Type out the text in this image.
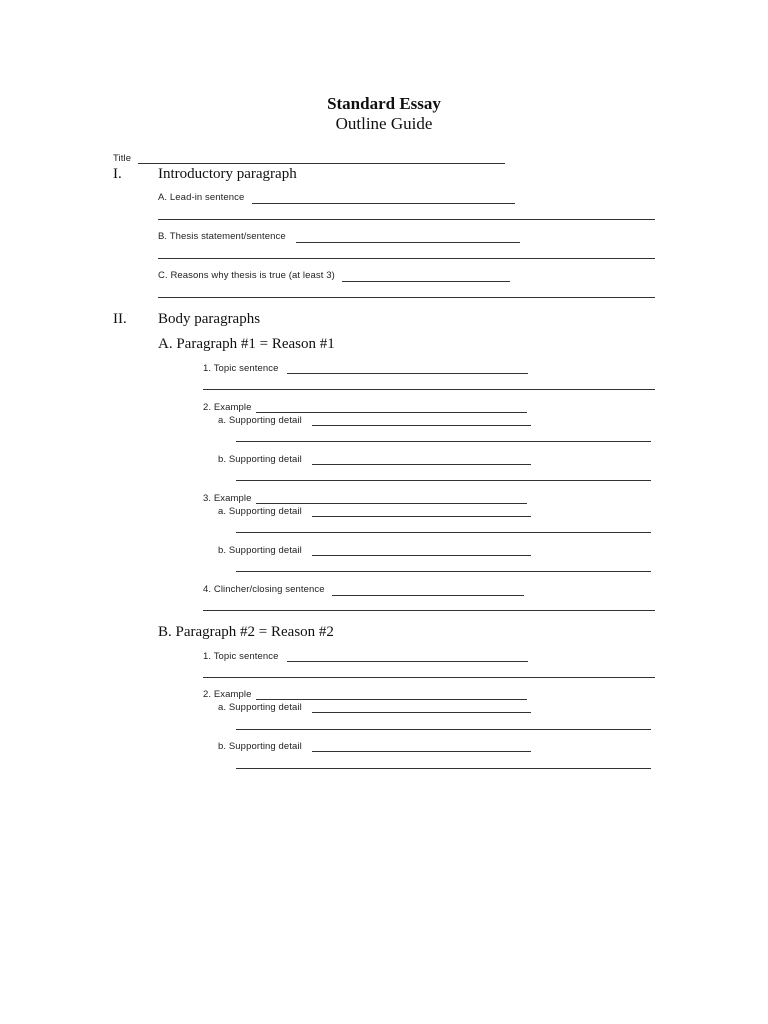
Standard Essay
Outline Guide
Title
I. Introductory paragraph
A. Lead-in sentence
B. Thesis statement/sentence
C. Reasons why thesis is true (at least 3)
II. Body paragraphs
A. Paragraph #1 = Reason #1
1. Topic sentence
2. Example
a. Supporting detail
b. Supporting detail
3. Example
a. Supporting detail
b. Supporting detail
4. Clincher/closing sentence
B. Paragraph #2 = Reason #2
1. Topic sentence
2. Example
a. Supporting detail
b. Supporting detail
